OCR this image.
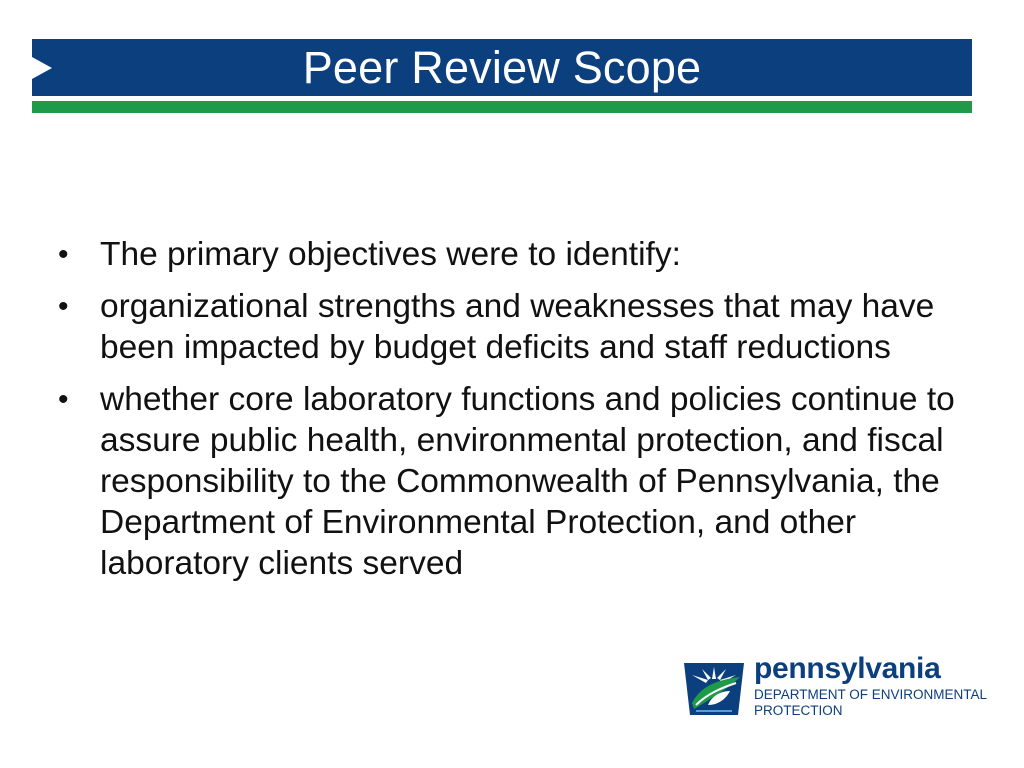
Peer Review Scope
• The primary objectives were to identify:
• organizational strengths and weaknesses that may have been impacted by budget deficits and staff reductions
• whether core laboratory functions and policies continue to assure public health, environmental protection, and fiscal responsibility to the Commonwealth of Pennsylvania, the Department of Environmental Protection, and other laboratory clients served
pennsylvania
DEPARTMENT OF ENVIRONMENTAL
PROTECTION
